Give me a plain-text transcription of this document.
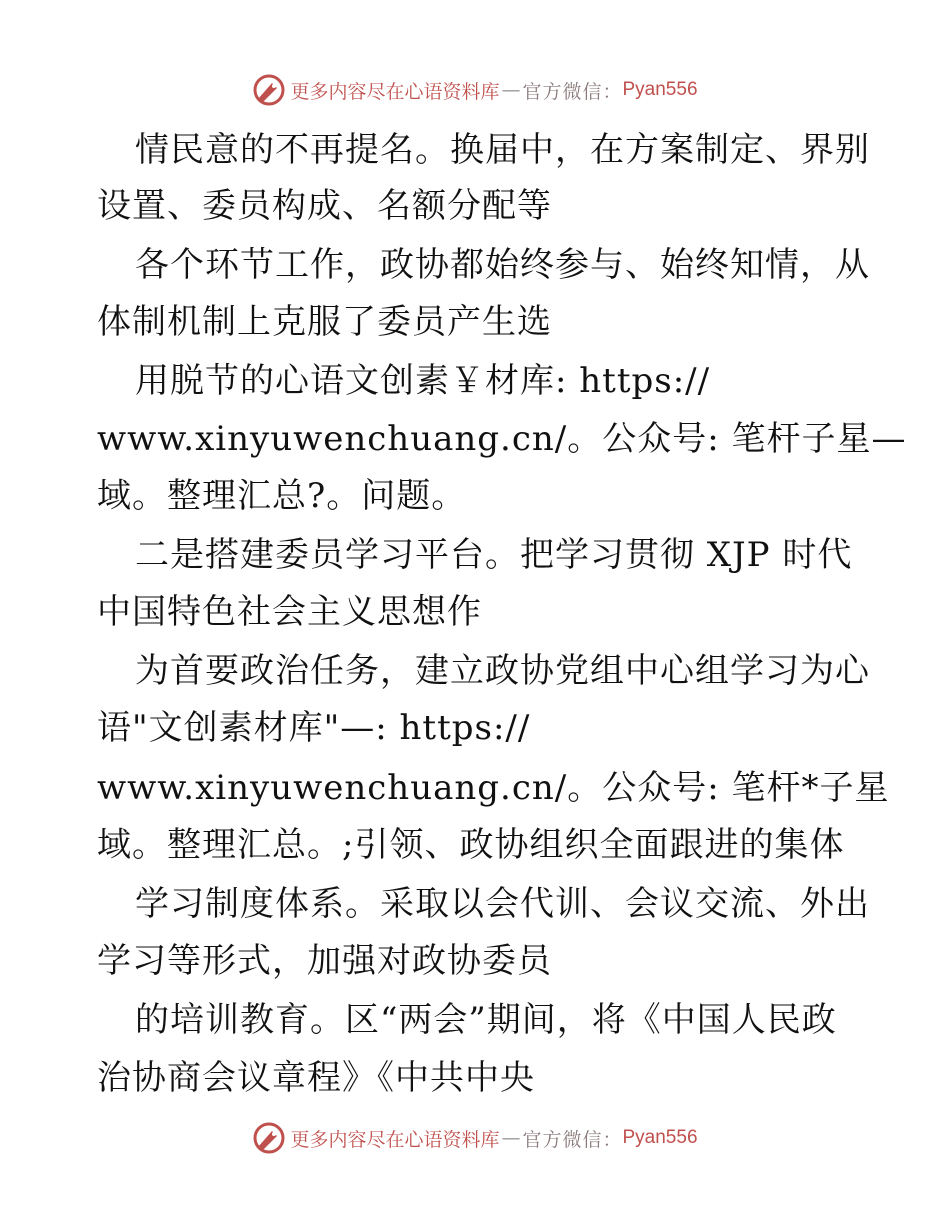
更多内容尽在心语资料库 — 官方微信： Pyan556
情民意的不再提名。换届中，在方案制定、界别
设置、委员构成、名额分配等
各个环节工作，政协都始终参与、始终知情，从
体制机制上克服了委员产生选
用脱节的心语文创素￥材库: https://
www.xinyuwenchuang.cn/。公众号: 笔杆子星—
域。整理汇总?。问题。
二是搭建委员学习平台。把学习贯彻 XJP 时代
中国特色社会主义思想作
为首要政治任务，建立政协党组中心组学习为心
语"文创素材库"—: https://
www.xinyuwenchuang.cn/。公众号: 笔杆*子星
域。整理汇总。;引领、政协组织全面跟进的集体
学习制度体系。采取以会代训、会议交流、外出
学习等形式，加强对政协委员
的培训教育。区“两会”期间，将《中国人民政
治协商会议章程》《中共中央
更多内容尽在心语资料库 — 官方微信： Pyan556
